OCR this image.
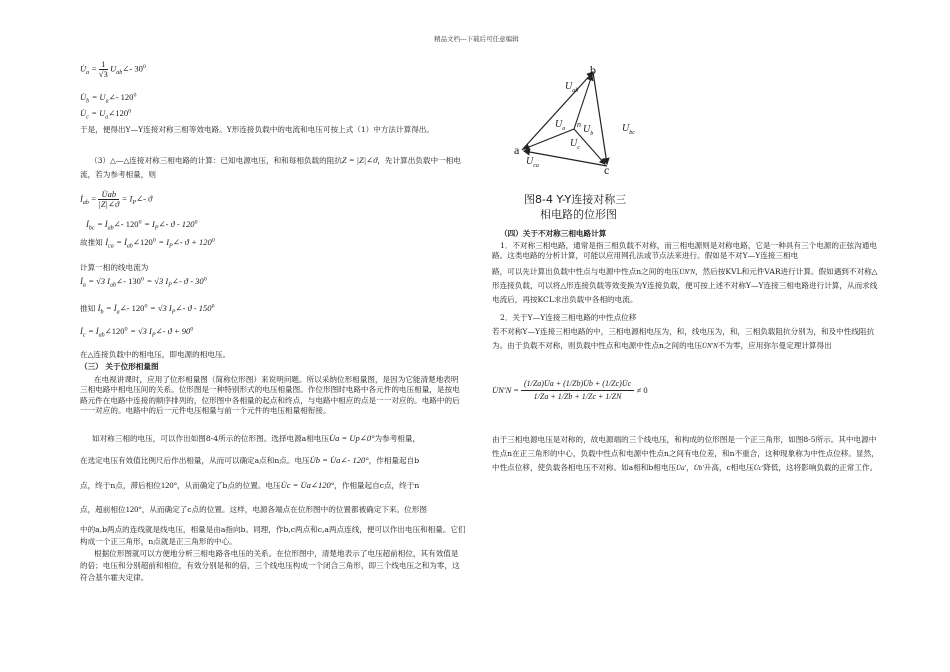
精品文档---下载后可任意编辑
$U̇_a = \frac{1}{√3}$ $U_{ab}\angle-$ $30^0$
$U̇_b$ = $U_a\angle-$ $120^0$
$U̇_c$ = $U_a\angle 120^0$
于是，便得出Y—Y连接对称三相等效电路。Y形连接负载中的电流和电压可按上式（1）中方法计算得出。
（3）△—△连接对称三相电路的计算：已知电源电压，和和每相负载的阻抗Z = |Z|∠ϑ，先计算出负载中一相电流，若为参考相量，则
$İ_{ab} = \frac{U̇ab}{|Z|\angle ϑ}$ = $I_P\angle-$ ϑ
$İ_{bc}$ = $İ_{ab}\angle-$ $120^0$ = $I_P\angle-$ ϑ - $120^0$
故推知 $İ_{ca}$ = $İ_{ab}\angle 120^0$ = $I_P\angle-$ $ϑ + 120^0$
计算一相的线电流为
$İ_a = √3$ $I_{ab}\angle-$ $130^0 = √3$ $I_P\angle-$ ϑ - $30^0$
推知 $İ_b$ = $İ_a\angle-$ $120^0 = √3$ $I_P\angle-$ ϑ - $150^0$
$İ_c$ = $İ_{ab}\angle 120^0 = √3$ $I_P\angle-$ $ϑ + 90^0$
在△连接负载中的相电压，即电源的相电压。
（三） 关于位形相量图
在电视讲课时，应用了位形相量图（简称位形图）来说明问题。所以采纳位形相量图，是因为它能清楚地表明三相电路中相电压间的关系。位形图是一种特别形式的电压相量图。作位形图时电路中各元件的电压相量，是按电路元件在电路中连接的顺序排列的，位形图中各相量的起点和终点，与电路中相应的点是一一对应的。电路中的后一一对应的。电路中的后一元件电压相量与前一个元件的电压相量相衔接。
如对称三相的电压，可以作出如图8-4所示的位形图。选择电源a相电压U̇a = Up∠0°为参考相量，
在选定电压有效值比例尺后作出相量，从而可以确定a点和n点。电压U̇b = U̇a∠- 120°，作相量起自b
点，终于n点，滞后相位120°，从而确定了b点的位置。电压U̇c = U̇a∠120°，作相量起自c点，终于n
点，超前相位120°，从而确定了c点的位置。这样，电源各端点在位形图中的位置都被确定下来。位形图
中的a,b两点的连线就是线电压，相量是由a指向b。同理，作b,c两点和c,a两点连线，便可以作出电压和相量。它们构成一个正三角形，n点就是正三角形的中心。
根据位形图就可以方便地分析三相电路各电压的关系。在位形图中，清楚地表示了电压超前相位，其有效值是的倍；电压和分别超前和相位，有效分别是和的倍，三个线电压构成一个闭合三角形，即三个线电压之和为零，这符合基尔霍夫定律。
b
a
c
n
$U_{ab}$
$U_{bc}$
$U_{ca}$
$U_a$ $U_b$
$U_c$
图8-4 Y-Y连接对称三
相电路的位形图
（四）关于不对称三相电路计算
1．不对称三相电路，通常是指三相负载不对称，而三相电源则是对称电路，它是一种具有三个电源的正弦沟通电路。这类电路的分析计算，可能以应用网孔法或节点法来进行。假如是不对Y—Y连接三相电
路，可以先计算出负载中性点与电源中性点n之间的电压U̇N'N，然后按KVL和元件VAR进行计算。假如遇到不对称△形连接负载，可以将△形连接负载等效变换为Y连接负载，便可按上述不对称Y—Y连接三相电路进行计算，从而求线电流后，再按KCL求出负载中各相的电流。
2．关于Y—Y连接三相电路的中性点位移
若不对称Y—Y连接三相电路的中，三相电源相电压为，和，线电压为，和，三相负载阻抗分别为，和及中性线阻抗为。由于负载不对称，则负载中性点和电源中性点n之间的电压U̇N'N不为零，应用弥尔曼定理计算得出
U̇N'N = $\frac{(1/Za)U̇a + (1/Zb)U̇b + (1/Zc)U̇c}{1/Za + 1/Zb + 1/Zc + 1/ZN} \ne 0$
由于三相电源电压是对称的，故电源端的三个线电压，和构成的位形图是一个正三角形，如图8-5所示。其中电源中性点n在正三角形的中心，负载中性点和电源中性点n之间有电位差，和n不重合，这种现象称为中性点位移。显然，中性点位移，使负载各相电压不对称。如a相和b相电压U̇a'，U̇b'升高，c相电压U̇c'降低，这将影响负载的正常工作。
